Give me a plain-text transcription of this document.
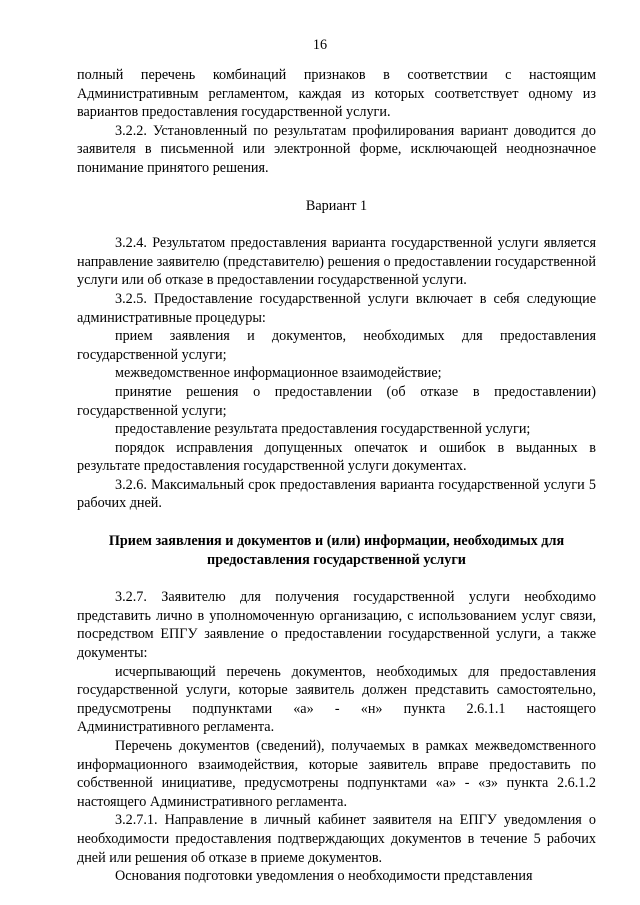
16

полный перечень комбинаций признаков в соответствии с настоящим Административным регламентом, каждая из которых соответствует одному из вариантов предоставления государственной услуги.

3.2.2. Установленный по результатам профилирования вариант доводится до заявителя в письменной или электронной форме, исключающей неоднозначное понимание принятого решения.

Вариант 1

3.2.4. Результатом предоставления варианта государственной услуги является направление заявителю (представителю) решения о предоставлении государственной услуги или об отказе в предоставлении государственной услуги.

3.2.5. Предоставление государственной услуги включает в себя следующие административные процедуры:

прием заявления и документов, необходимых для предоставления государственной услуги;

межведомственное информационное взаимодействие;

принятие решения о предоставлении (об отказе в предоставлении) государственной услуги;

предоставление результата предоставления государственной услуги;

порядок исправления допущенных опечаток и ошибок в выданных в результате предоставления государственной услуги документах.

3.2.6. Максимальный срок предоставления варианта государственной услуги 5 рабочих дней.

Прием заявления и документов и (или) информации, необходимых для предоставления государственной услуги

3.2.7. Заявителю для получения государственной услуги необходимо представить лично в уполномоченную организацию, с использованием услуг связи, посредством ЕПГУ заявление о предоставлении государственной услуги, а также документы:

исчерпывающий перечень документов, необходимых для предоставления государственной услуги, которые заявитель должен представить самостоятельно, предусмотрены подпунктами «а» - «н» пункта 2.6.1.1 настоящего Административного регламента.

Перечень документов (сведений), получаемых в рамках межведомственного информационного взаимодействия, которые заявитель вправе предоставить по собственной инициативе, предусмотрены подпунктами «а» - «з» пункта 2.6.1.2 настоящего Административного регламента.

3.2.7.1. Направление в личный кабинет заявителя на ЕПГУ уведомления о необходимости предоставления подтверждающих документов в течение 5 рабочих дней или решения об отказе в приеме документов.

Основания подготовки уведомления о необходимости представления
